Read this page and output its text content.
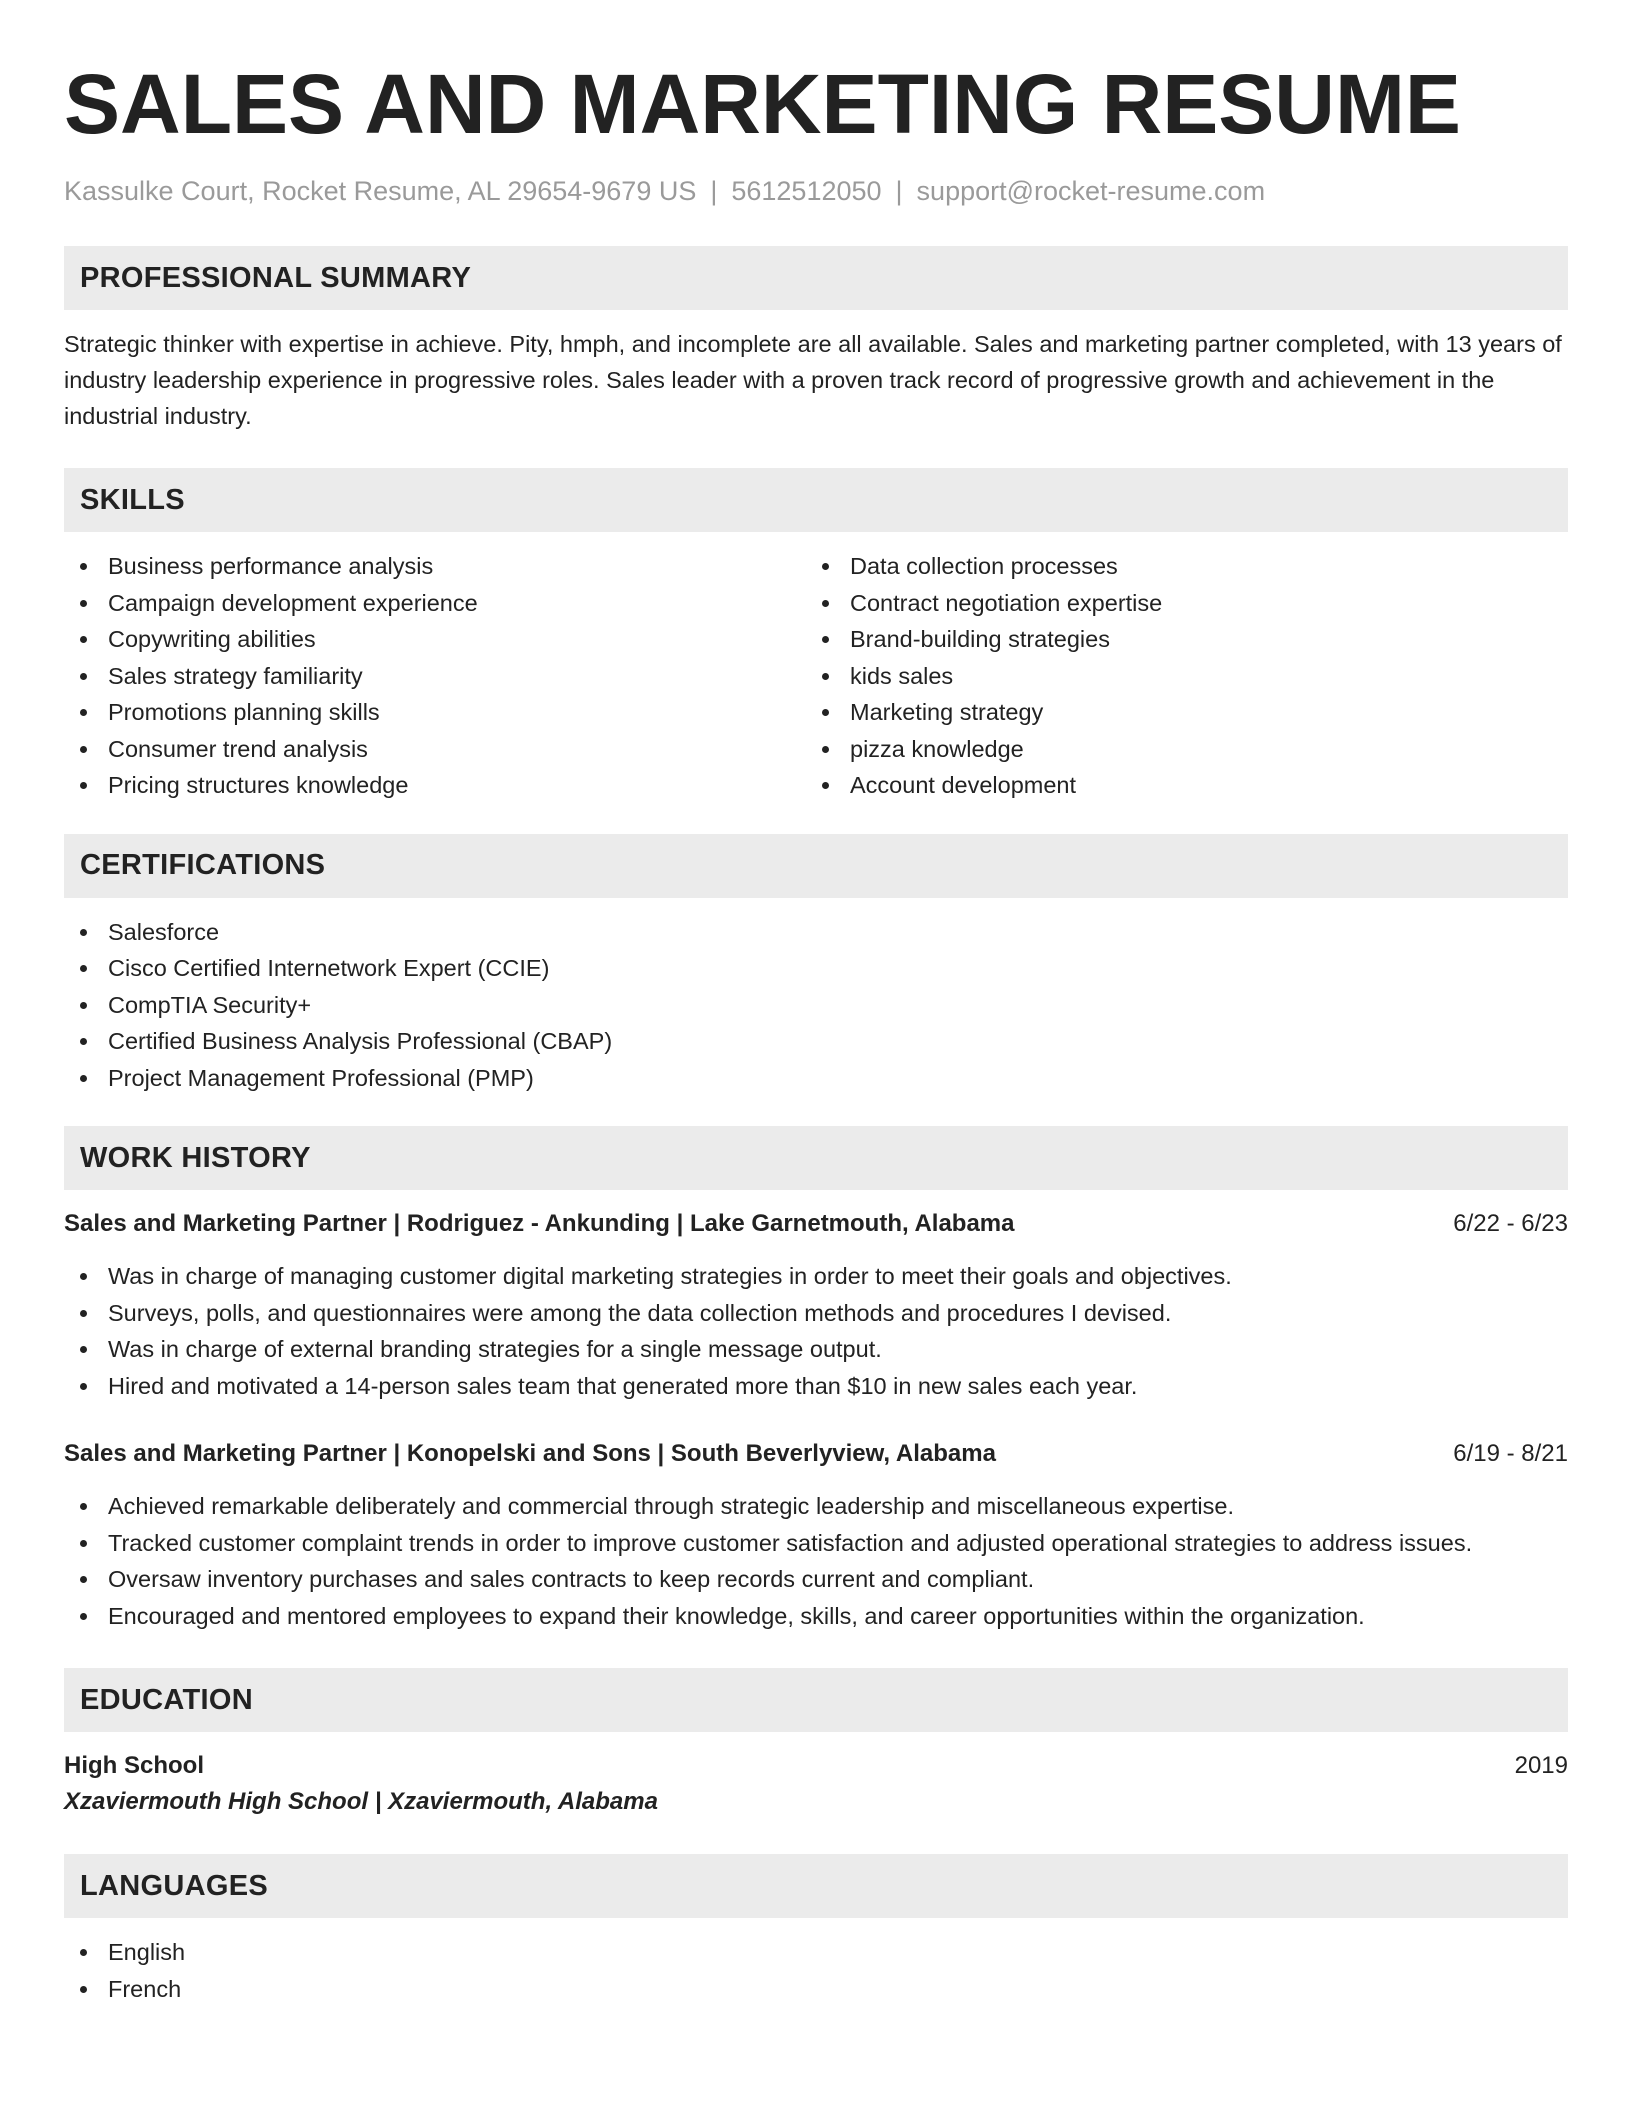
SALES AND MARKETING RESUME
Kassulke Court, Rocket Resume, AL 29654-9679 US | 5612512050 | support@rocket-resume.com
PROFESSIONAL SUMMARY
Strategic thinker with expertise in achieve. Pity, hmph, and incomplete are all available. Sales and marketing partner completed, with 13 years of industry leadership experience in progressive roles. Sales leader with a proven track record of progressive growth and achievement in the industrial industry.
SKILLS
Business performance analysis
Campaign development experience
Copywriting abilities
Sales strategy familiarity
Promotions planning skills
Consumer trend analysis
Pricing structures knowledge
Data collection processes
Contract negotiation expertise
Brand-building strategies
kids sales
Marketing strategy
pizza knowledge
Account development
CERTIFICATIONS
Salesforce
Cisco Certified Internetwork Expert (CCIE)
CompTIA Security+
Certified Business Analysis Professional (CBAP)
Project Management Professional (PMP)
WORK HISTORY
Sales and Marketing Partner | Rodriguez - Ankunding | Lake Garnetmouth, Alabama	6/22 - 6/23
Was in charge of managing customer digital marketing strategies in order to meet their goals and objectives.
Surveys, polls, and questionnaires were among the data collection methods and procedures I devised.
Was in charge of external branding strategies for a single message output.
Hired and motivated a 14-person sales team that generated more than $10 in new sales each year.
Sales and Marketing Partner | Konopelski and Sons | South Beverlyview, Alabama	6/19 - 8/21
Achieved remarkable deliberately and commercial through strategic leadership and miscellaneous expertise.
Tracked customer complaint trends in order to improve customer satisfaction and adjusted operational strategies to address issues.
Oversaw inventory purchases and sales contracts to keep records current and compliant.
Encouraged and mentored employees to expand their knowledge, skills, and career opportunities within the organization.
EDUCATION
High School	2019
Xzaviermouth High School | Xzaviermouth, Alabama
LANGUAGES
English
French
